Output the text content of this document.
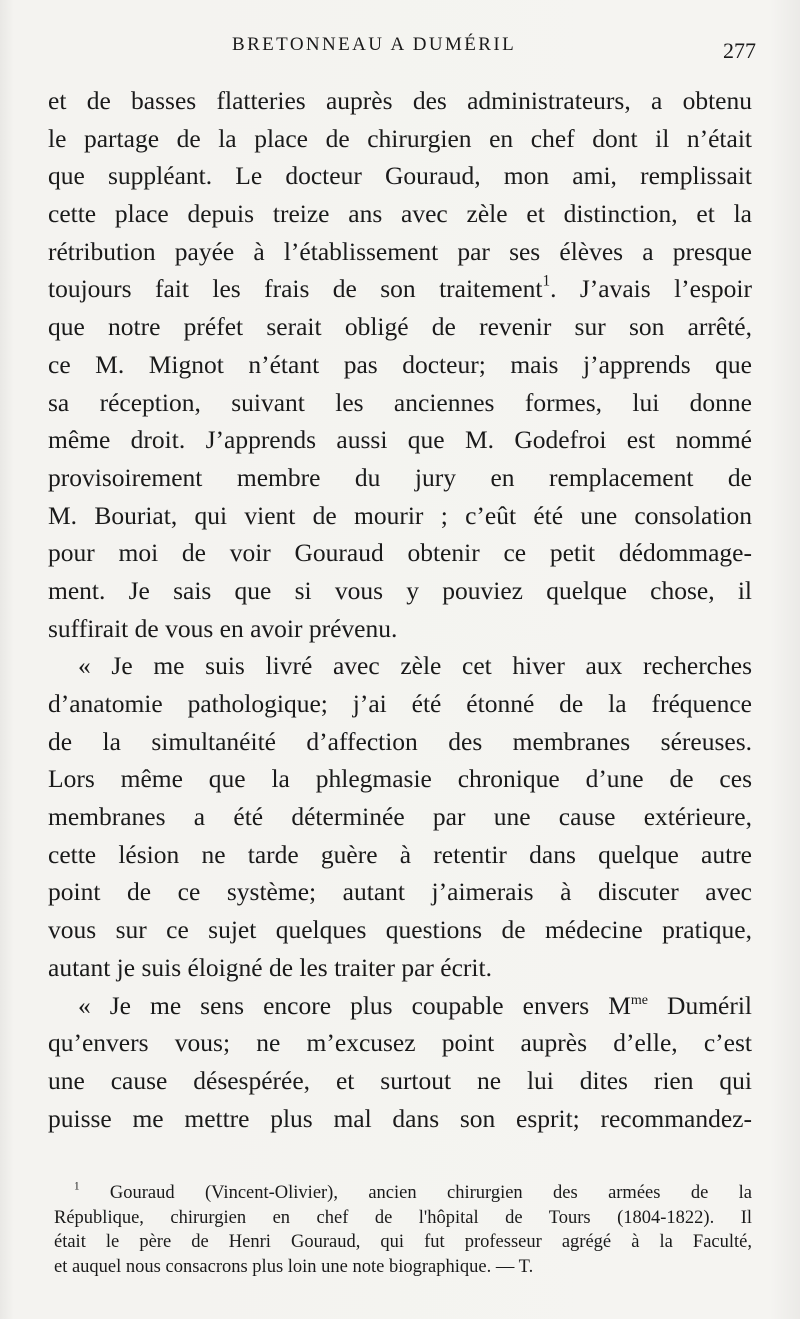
BRETONNEAU A DUMÉRIL	277
et de basses flatteries auprès des administrateurs, a obtenu
le partage de la place de chirurgien en chef dont il n’était
que suppléant. Le docteur Gouraud, mon ami, remplissait
cette place depuis treize ans avec zèle et distinction, et la
rétribution payée à l’établissement par ses élèves a presque
toujours fait les frais de son traitement$^1$. J’avais l’espoir
que notre préfet serait obligé de revenir sur son arrêté,
ce M. Mignot n’étant pas docteur; mais j’apprends que
sa réception, suivant les anciennes formes, lui donne
même droit. J’apprends aussi que M. Godefroi est nommé
provisoirement membre du jury en remplacement de
M. Bouriat, qui vient de mourir ; c’eût été une consolation
pour moi de voir Gouraud obtenir ce petit dédommage-
ment. Je sais que si vous y pouviez quelque chose, il
suffirait de vous en avoir prévenu.
« Je me suis livré avec zèle cet hiver aux recherches
d’anatomie pathologique; j’ai été étonné de la fréquence
de la simultanéité d’affection des membranes séreuses.
Lors même que la phlegmasie chronique d’une de ces
membranes a été déterminée par une cause extérieure,
cette lésion ne tarde guère à retentir dans quelque autre
point de ce système; autant j’aimerais à discuter avec
vous sur ce sujet quelques questions de médecine pratique,
autant je suis éloigné de les traiter par écrit.
« Je me sens encore plus coupable envers $M^{me}$ Duméril
qu’envers vous; ne m’excusez point auprès d’elle, c’est
une cause désespérée, et surtout ne lui dites rien qui
puisse me mettre plus mal dans son esprit; recommandez-
$^1$ Gouraud (Vincent-Olivier), ancien chirurgien des armées de la
République, chirurgien en chef de l'hôpital de Tours (1804-1822). Il
était le père de Henri Gouraud, qui fut professeur agrégé à la Faculté,
et auquel nous consacrons plus loin une note biographique. — T.
